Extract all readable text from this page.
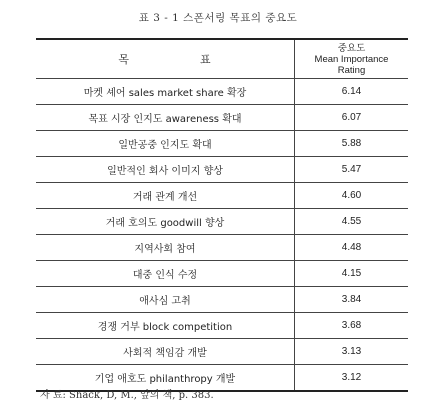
표 3 - 1 스폰서링 목표의 중요도
목 표	중요도
Mean Importance
Rating

마켓 셰어 sales market share 확장	6.14
목표 시장 인지도 awareness 확대	6.07
일반공중 인지도 확대	5.88
일반적인 회사 이미지 향상	5.47
거래 관계 개선	4.60
거래 호의도 goodwill 향상	4.55
지역사회 참여	4.48
대중 인식 수정	4.15
애사심 고취	3.84
경쟁 거부 block competition	3.68
사회적 책임감 개발	3.13
기업 애호도 philanthropy 개발	3.12
자 료: Shack, D, M., 앞의 책, p. 383.
